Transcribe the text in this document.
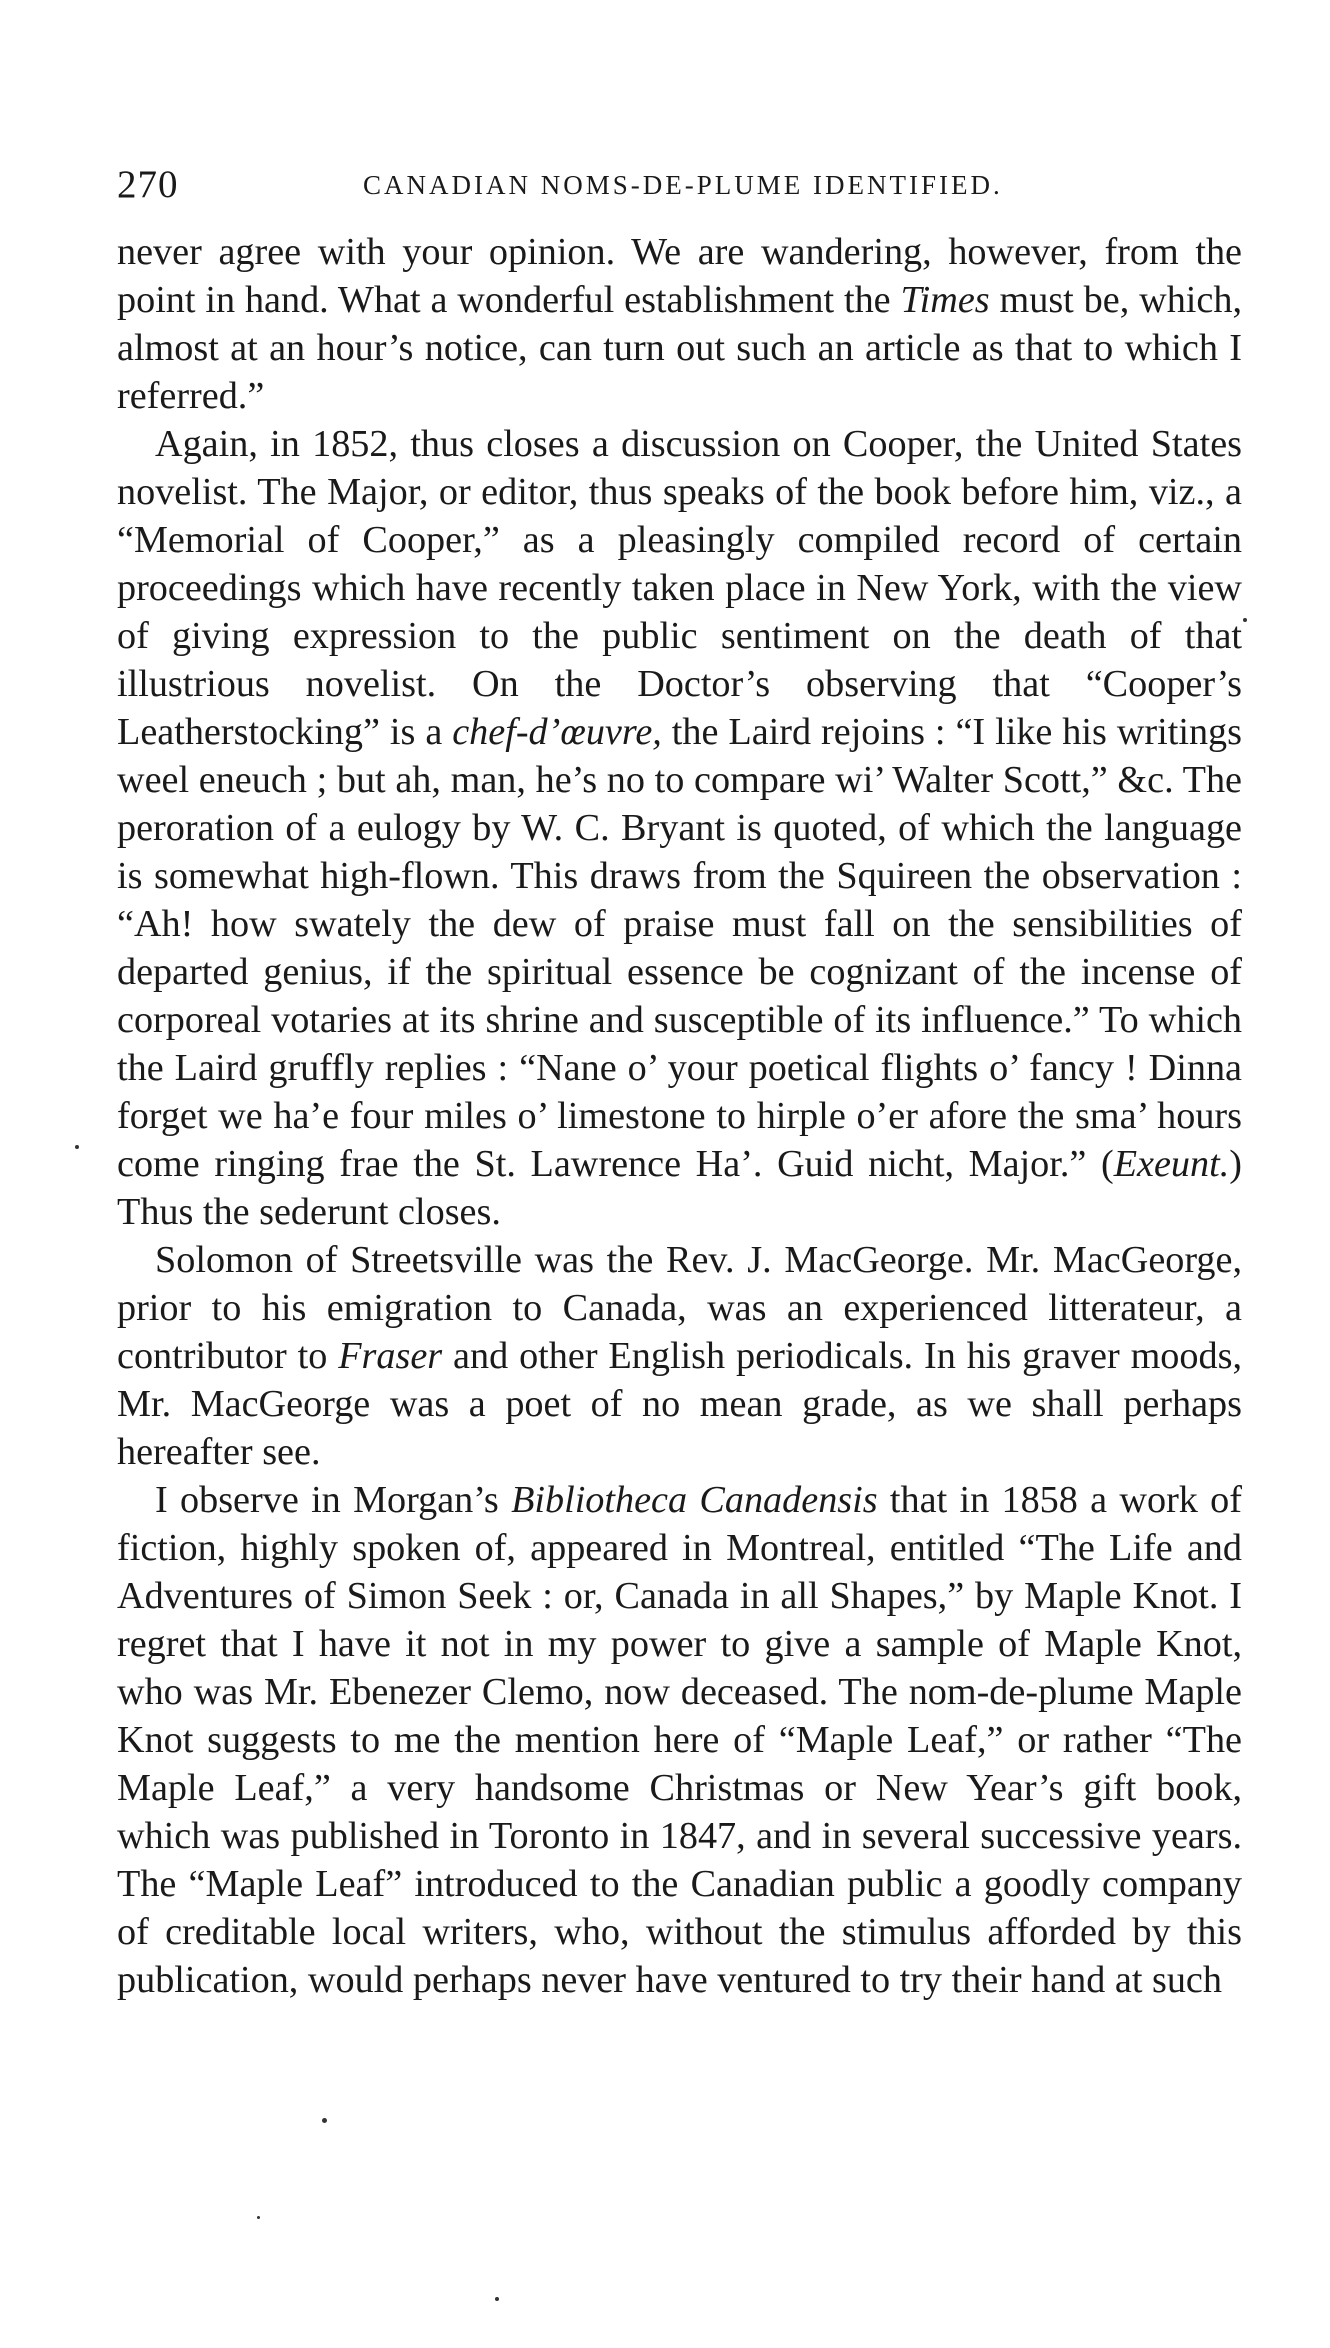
270	CANADIAN NOMS-DE-PLUME IDENTIFIED.

never agree with your opinion. We are wandering, however, from the point in hand. What a wonderful establishment the Times must be, which, almost at an hour’s notice, can turn out such an article as that to which I referred.”

Again, in 1852, thus closes a discussion on Cooper, the United States novelist. The Major, or editor, thus speaks of the book before him, viz., a “Memorial of Cooper,” as a pleasingly compiled record of certain proceedings which have recently taken place in New York, with the view of giving expression to the public sentiment on the death of that illustrious novelist. On the Doctor’s observing that “Cooper’s Leatherstocking” is a chef-d’œuvre, the Laird rejoins : “I like his writings weel eneuch ; but ah, man, he’s no to compare wi’ Walter Scott,” &c. The peroration of a eulogy by W. C. Bryant is quoted, of which the language is somewhat high-flown. This draws from the Squireen the observation : “Ah! how swately the dew of praise must fall on the sensibilities of departed genius, if the spiritual essence be cognizant of the incense of corporeal votaries at its shrine and susceptible of its influence.” To which the Laird gruffly replies : “Nane o’ your poetical flights o’ fancy ! Dinna forget we ha’e four miles o’ limestone to hirple o’er afore the sma’ hours come ringing frae the St. Lawrence Ha’. Guid nicht, Major.” (Exeunt.) Thus the sederunt closes.

Solomon of Streetsville was the Rev. J. MacGeorge. Mr. MacGeorge, prior to his emigration to Canada, was an experienced litterateur, a contributor to Fraser and other English periodicals. In his graver moods, Mr. MacGeorge was a poet of no mean grade, as we shall perhaps hereafter see.

I observe in Morgan’s Bibliotheca Canadensis that in 1858 a work of fiction, highly spoken of, appeared in Montreal, entitled “The Life and Adventures of Simon Seek : or, Canada in all Shapes,” by Maple Knot. I regret that I have it not in my power to give a sample of Maple Knot, who was Mr. Ebenezer Clemo, now deceased. The nom-de-plume Maple Knot suggests to me the mention here of “Maple Leaf,” or rather “The Maple Leaf,” a very handsome Christmas or New Year’s gift book, which was published in Toronto in 1847, and in several successive years. The “Maple Leaf” introduced to the Canadian public a goodly company of creditable local writers, who, without the stimulus afforded by this publication, would perhaps never have ventured to try their hand at such
